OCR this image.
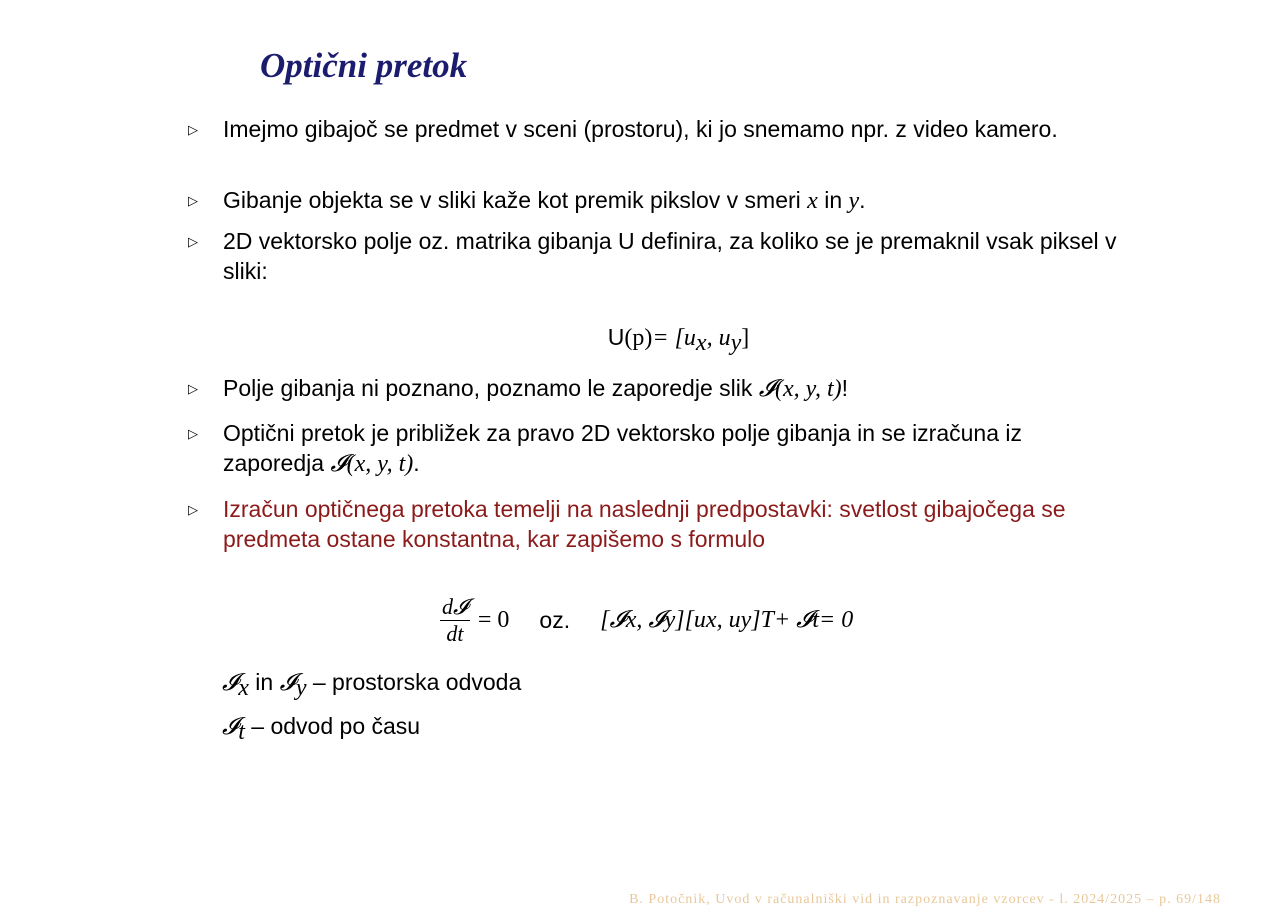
Optični pretok
▷ Imejmo gibajoč se predmet v sceni (prostoru), ki jo snemamo npr. z video kamero.
▷ Gibanje objekta se v sliki kaže kot premik pikslov v smeri x in y.
▷ 2D vektorsko polje oz. matrika gibanja U definira, za koliko se je premaknil vsak piksel v sliki:
▷ Polje gibanja ni poznano, poznamo le zaporedje slik 𝓘(x, y, t)!
▷ Optični pretok je približek za pravo 2D vektorsko polje gibanja in se izračuna iz zaporedja 𝓘(x, y, t).
▷ Izračun optičnega pretoka temelji na naslednji predpostavki: svetlost gibajočega se predmeta ostane konstantna, kar zapišemo s formulo
$U(p)= [u_x$, $u_y$]
$\frac{\text{d𝓘}}{dt} = 0$ oz. [𝓘 x , 𝓘 y ][u x , u y ] T + 𝓘 t = 0
𝓘$_x$ in 𝓘$_y$ – prostorska odvoda
𝓘$_t$ – odvod po času
B. Potočnik, Uvod v računalniški vid in razpoznavanje vzorcev - l. 2024/2025 – p. 69/148
